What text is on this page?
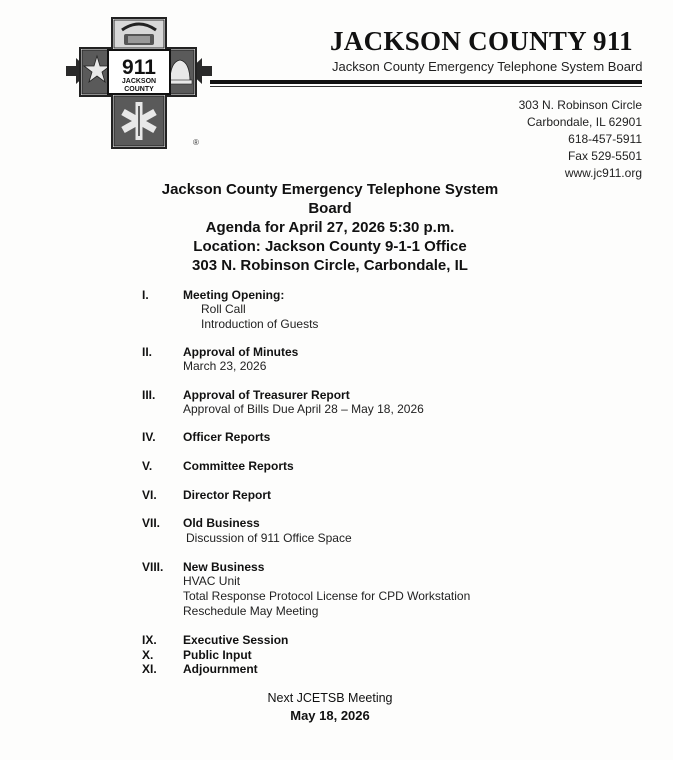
911
JACKSON
COUNTY
®
JACKSON COUNTY 911
Jackson County Emergency Telephone System Board
303 N. Robinson Circle
Carbondale, IL 62901
618-457-5911
Fax 529-5501
www.jc911.org
Jackson County Emergency Telephone System
Board
Agenda for April 27, 2026 5:30 p.m.
Location: Jackson County 9-1-1 Office
303 N. Robinson Circle, Carbondale, IL
I.	Meeting Opening:
Roll Call
Introduction of Guests
II.	Approval of Minutes
March 23, 2026
III. Approval of Treasurer Report
Approval of Bills Due April 28 – May 18, 2026
IV. Officer Reports
V.	Committee Reports
VI. Director Report
VII. Old Business
Discussion of 911 Office Space
VIII. New Business
HVAC Unit
Total Response Protocol License for CPD Workstation
Reschedule May Meeting
IX. Executive Session
X. Public Input
XI. Adjournment
Next JCETSB Meeting
May 18, 2026
